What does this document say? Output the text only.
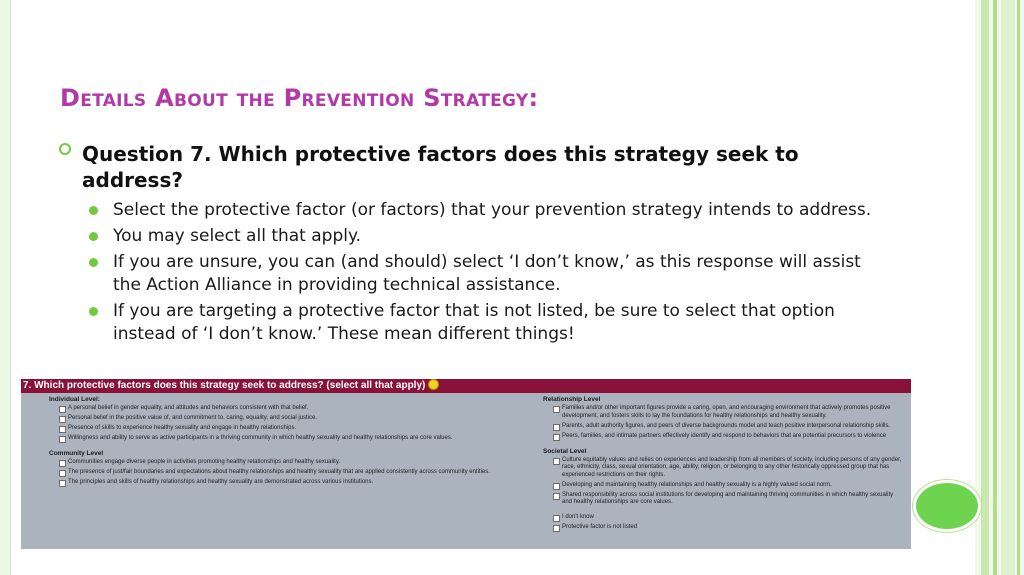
Details About the Prevention Strategy:
Question 7. Which protective factors does this strategy seek to address?
Select the protective factor (or factors) that your prevention strategy intends to address.
You may select all that apply.
If you are unsure, you can (and should) select ‘I don’t know,’ as this response will assist the Action Alliance in providing technical assistance.
If you are targeting a protective factor that is not listed, be sure to select that option instead of ‘I don’t know.’ These mean different things!
7. Which protective factors does this strategy seek to address? (select all that apply)
Individual Level:
A personal belief in gender equality, and attitudes and behaviors consistent with that belief.
Personal belief in the positive value of, and commitment to, caring, equality, and social justice.
Presence of skills to experience healthy sexuality and engage in healthy relationships.
Willingness and ability to serve as active participants in a thriving community in which healthy sexuality and healthy relationships are core values.
Community Level
Communities engage diverse people in activities promoting healthy relationships and healthy sexuality.
The presence of just/fair boundaries and expectations about healthy relationships and healthy sexuality that are applied consistently across community entities.
The principles and skills of healthy relationships and healthy sexuality are demonstrated across various institutions.
Relationship Level
Families and/or other important figures provide a caring, open, and encouraging environment that actively promotes positive development, and fosters skills to lay the foundations for healthy relationships and healthy sexuality.
Parents, adult authority figures, and peers of diverse backgrounds model and teach positive interpersonal relationship skills.
Peers, families, and intimate partners effectively identify and respond to behaviors that are potential precursors to violence
Societal Level
Culture equitably values and relies on experiences and leadership from all members of society, including persons of any gender, race, ethnicity, class, sexual orientation, age, ability, religion, or belonging to any other historically oppressed group that has experienced restrictions on their rights.
Developing and maintaining healthy relationships and healthy sexuality is a highly valued social norm.
Shared responsibility across social institutions for developing and maintaining thriving communities in which healthy sexuality and healthy relationships are core values.
I don't know
Protective factor is not listed
